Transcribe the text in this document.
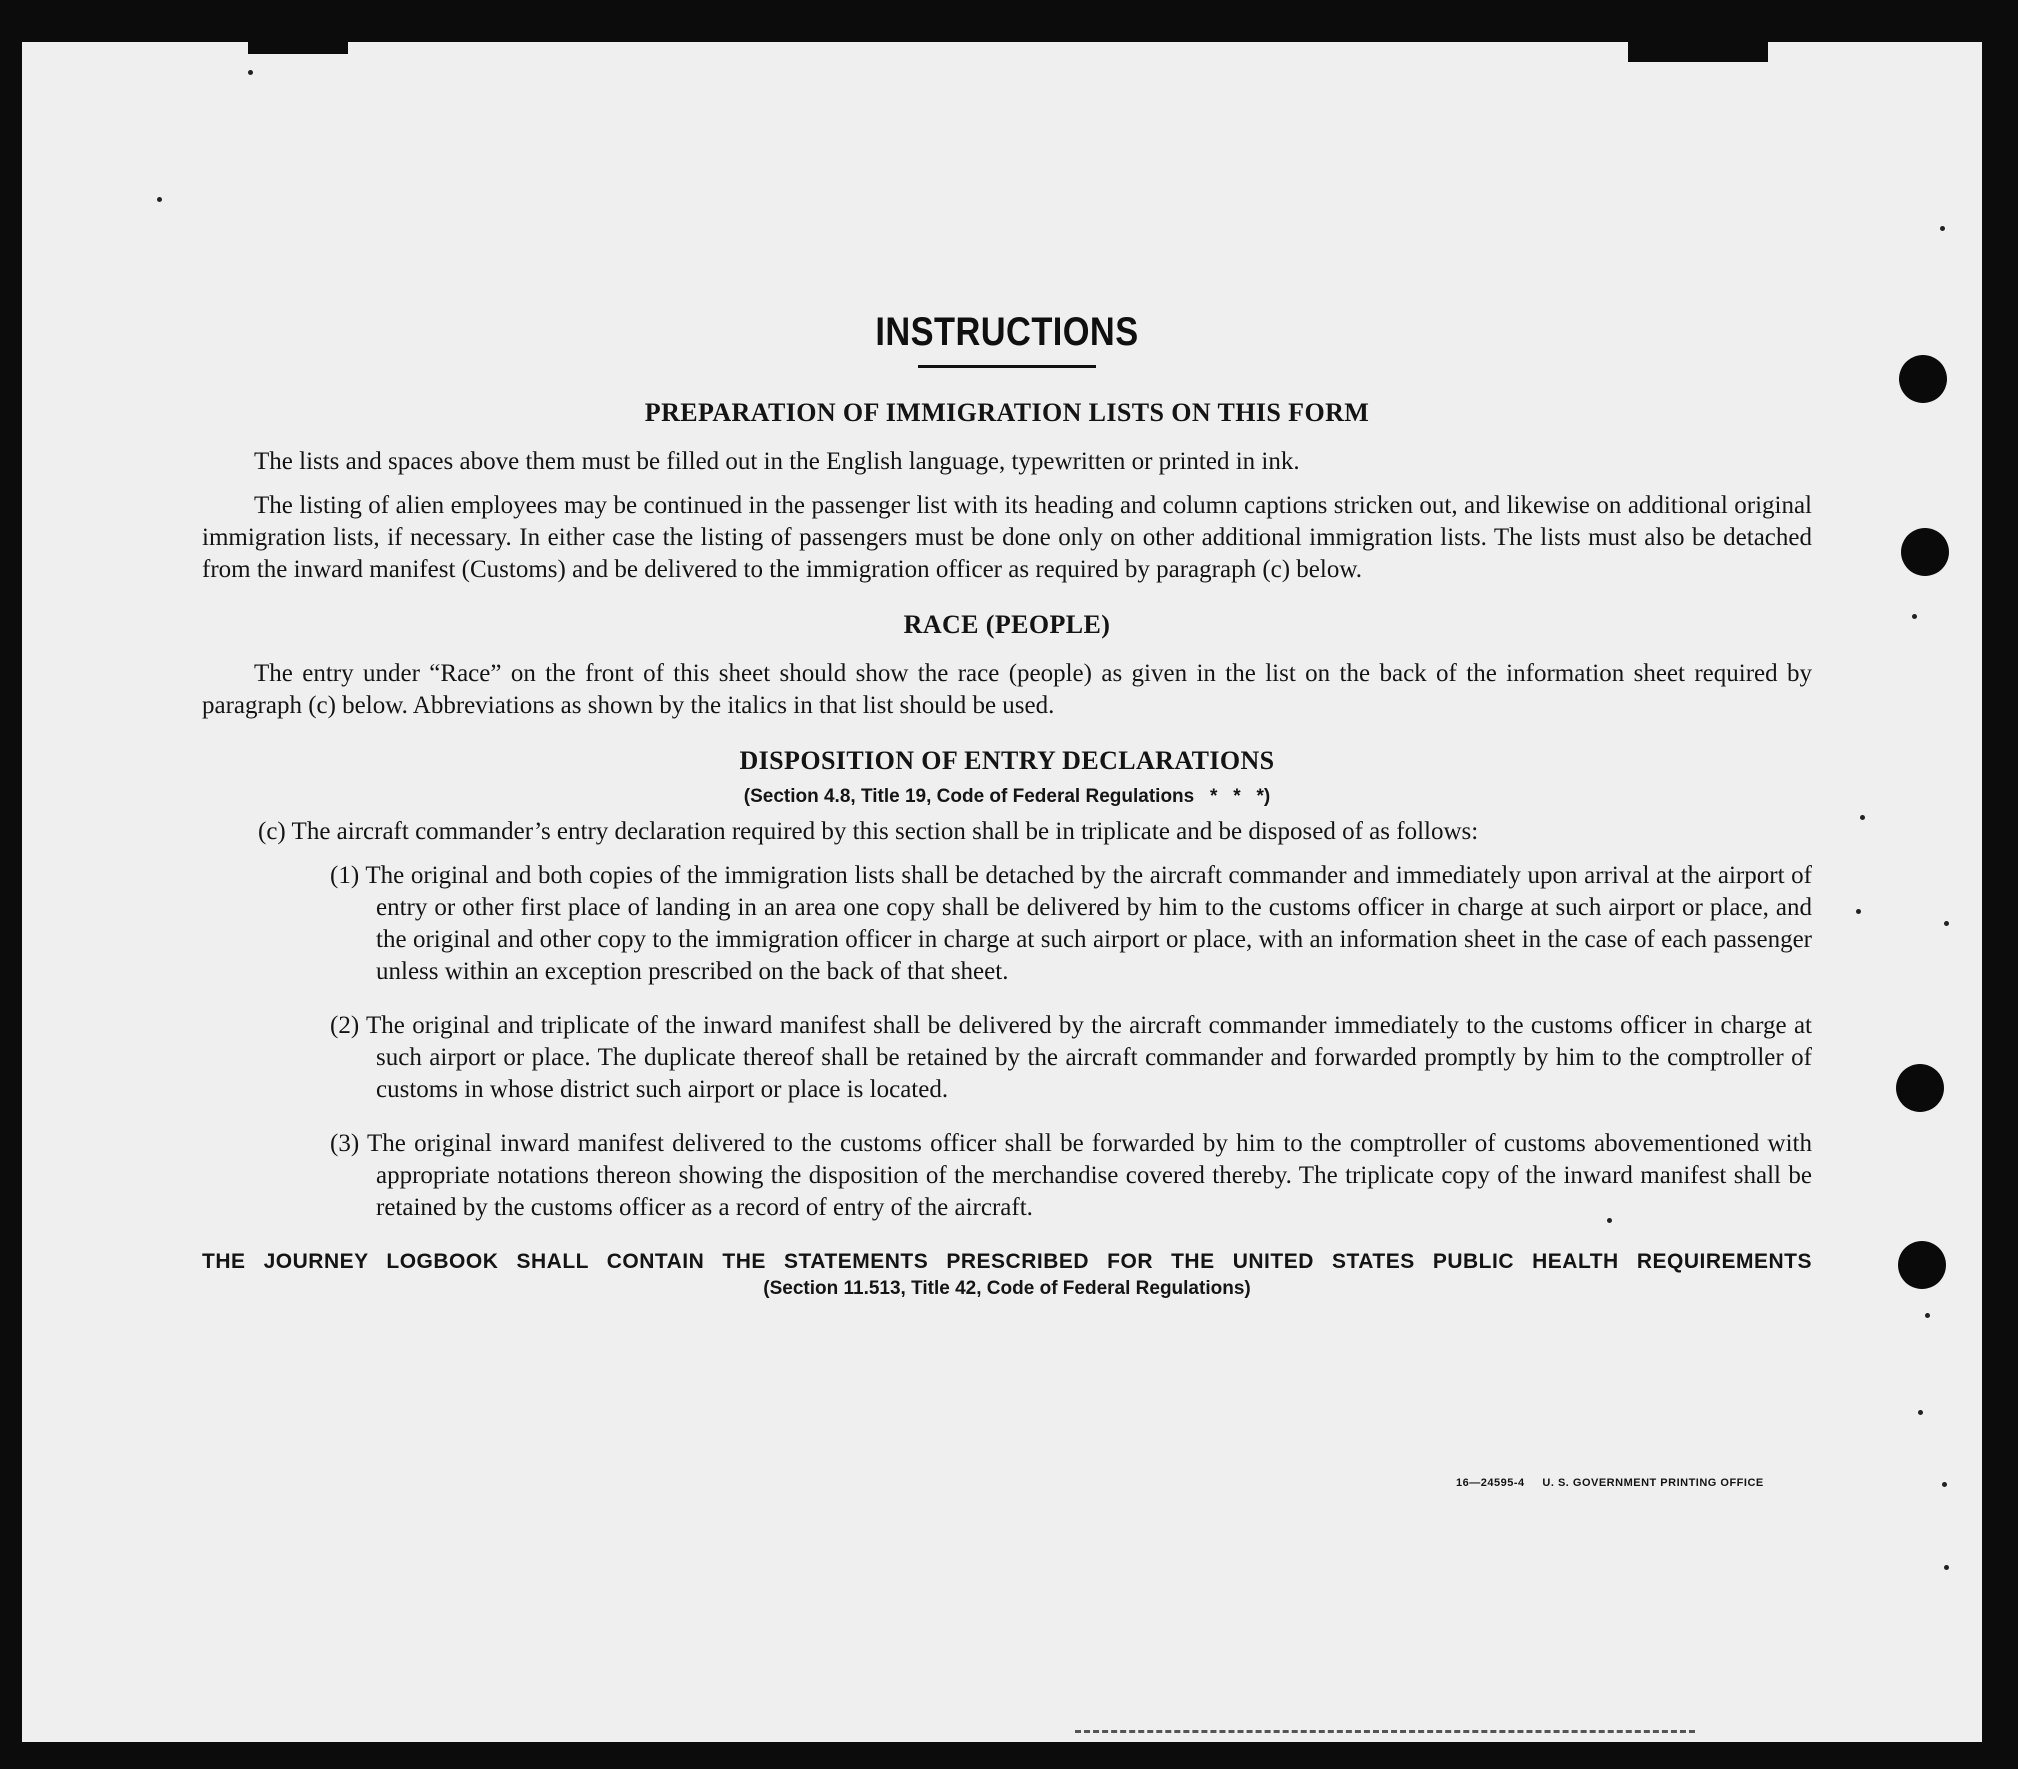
INSTRUCTIONS
PREPARATION OF IMMIGRATION LISTS ON THIS FORM

The lists and spaces above them must be filled out in the English language, typewritten or printed in ink.

The listing of alien employees may be continued in the passenger list with its heading and column captions stricken out, and likewise on additional original immigration lists, if necessary. In either case the listing of passengers must be done only on other additional immigration lists. The lists must also be detached from the inward manifest (Customs) and be delivered to the immigration officer as required by paragraph (c) below.

RACE (PEOPLE)

The entry under “Race” on the front of this sheet should show the race (people) as given in the list on the back of the information sheet required by paragraph (c) below. Abbreviations as shown by the italics in that list should be used.

DISPOSITION OF ENTRY DECLARATIONS
(Section 4.8, Title 19, Code of Federal Regulations   *   *   *)
(c) The aircraft commander’s entry declaration required by this section shall be in triplicate and be disposed of as follows:
(1) The original and both copies of the immigration lists shall be detached by the aircraft commander and immediately upon arrival at the airport of entry or other first place of landing in an area one copy shall be delivered by him to the customs officer in charge at such airport or place, and the original and other copy to the immigration officer in charge at such airport or place, with an information sheet in the case of each passenger unless within an exception prescribed on the back of that sheet.
(2) The original and triplicate of the inward manifest shall be delivered by the aircraft commander immediately to the customs officer in charge at such airport or place. The duplicate thereof shall be retained by the aircraft commander and forwarded promptly by him to the comptroller of customs in whose district such airport or place is located.
(3) The original inward manifest delivered to the customs officer shall be forwarded by him to the comptroller of customs abovementioned with appropriate notations thereon showing the disposition of the merchandise covered thereby. The triplicate copy of the inward manifest shall be retained by the customs officer as a record of entry of the aircraft.
THE JOURNEY LOGBOOK SHALL CONTAIN THE STATEMENTS PRESCRIBED FOR THE UNITED STATES PUBLIC HEALTH REQUIREMENTS
(Section 11.513, Title 42, Code of Federal Regulations)
16—24595-4     U. S. GOVERNMENT PRINTING OFFICE
